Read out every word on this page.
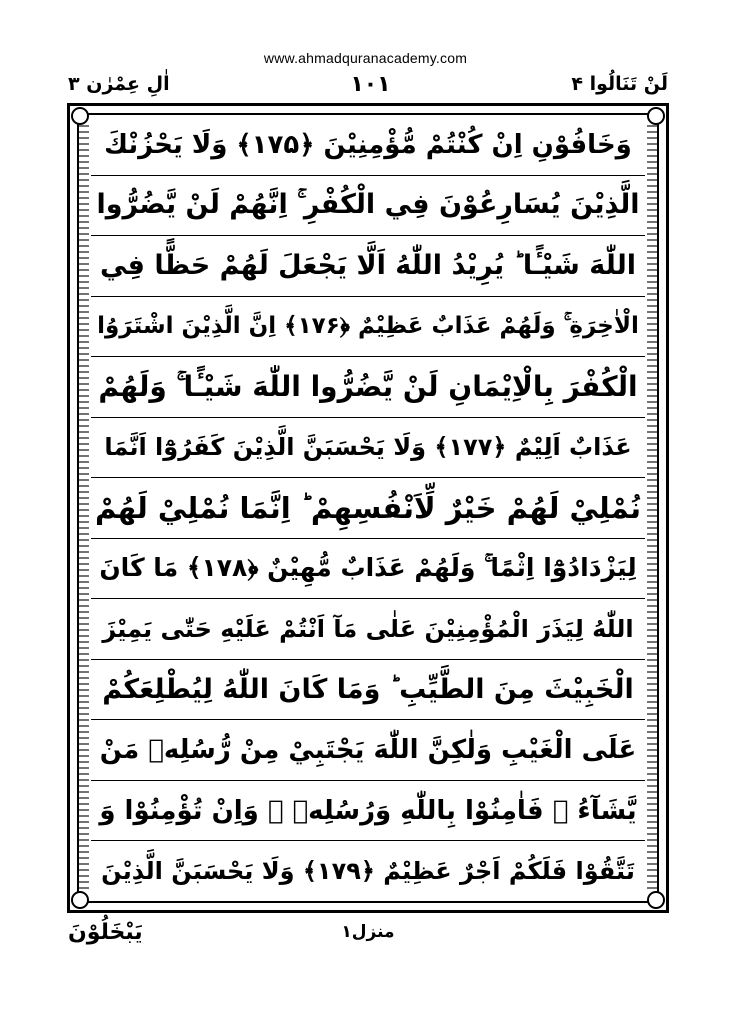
www.ahmadquranacademy.com
لَنْ تَنَالُوا ۴
۱۰۱
اٰلِ عِمْرٰن ۳
وَخَافُوْنِ اِنْ كُنْتُمْ مُّؤْمِنِيْنَ ﴿۱۷۵﴾ وَلَا يَحْزُنْكَ
الَّذِيْنَ يُسَارِعُوْنَ فِي الْكُفْرِ ۚ اِنَّهُمْ لَنْ يَّضُرُّوا
اللّٰهَ شَيْـًٔا ؕ يُرِيْدُ اللّٰهُ اَلَّا يَجْعَلَ لَهُمْ حَظًّا فِي
الْاٰخِرَةِ ۚ وَلَهُمْ عَذَابٌ عَظِيْمٌ ﴿۱۷۶﴾ اِنَّ الَّذِيْنَ اشْتَرَوُا
الْكُفْرَ بِالْاِيْمَانِ لَنْ يَّضُرُّوا اللّٰهَ شَيْـًٔا ۚ وَلَهُمْ
عَذَابٌ اَلِيْمٌ ﴿۱۷۷﴾ وَلَا يَحْسَبَنَّ الَّذِيْنَ كَفَرُوْٓا اَنَّمَا
نُمْلِيْ لَهُمْ خَيْرٌ لِّاَنْفُسِهِمْ ؕ اِنَّمَا نُمْلِيْ لَهُمْ
لِيَزْدَادُوْٓا اِثْمًا ۚ وَلَهُمْ عَذَابٌ مُّهِيْنٌ ﴿۱۷۸﴾ مَا كَانَ
اللّٰهُ لِيَذَرَ الْمُؤْمِنِيْنَ عَلٰى مَآ اَنْتُمْ عَلَيْهِ حَتّٰى يَمِيْزَ
الْخَبِيْثَ مِنَ الطَّيِّبِ ؕ وَمَا كَانَ اللّٰهُ لِيُطْلِعَكُمْ
عَلَى الْغَيْبِ وَلٰكِنَّ اللّٰهَ يَجْتَبِيْ مِنْ رُّسُلِهٖ مَنْ
يَّشَآءُ ۠ فَاٰمِنُوْا بِاللّٰهِ وَرُسُلِهٖ ۚ وَاِنْ تُؤْمِنُوْا وَ
تَتَّقُوْا فَلَكُمْ اَجْرٌ عَظِيْمٌ ﴿۱۷۹﴾ وَلَا يَحْسَبَنَّ الَّذِيْنَ
منزل۱
يَبْخَلُوْنَ
